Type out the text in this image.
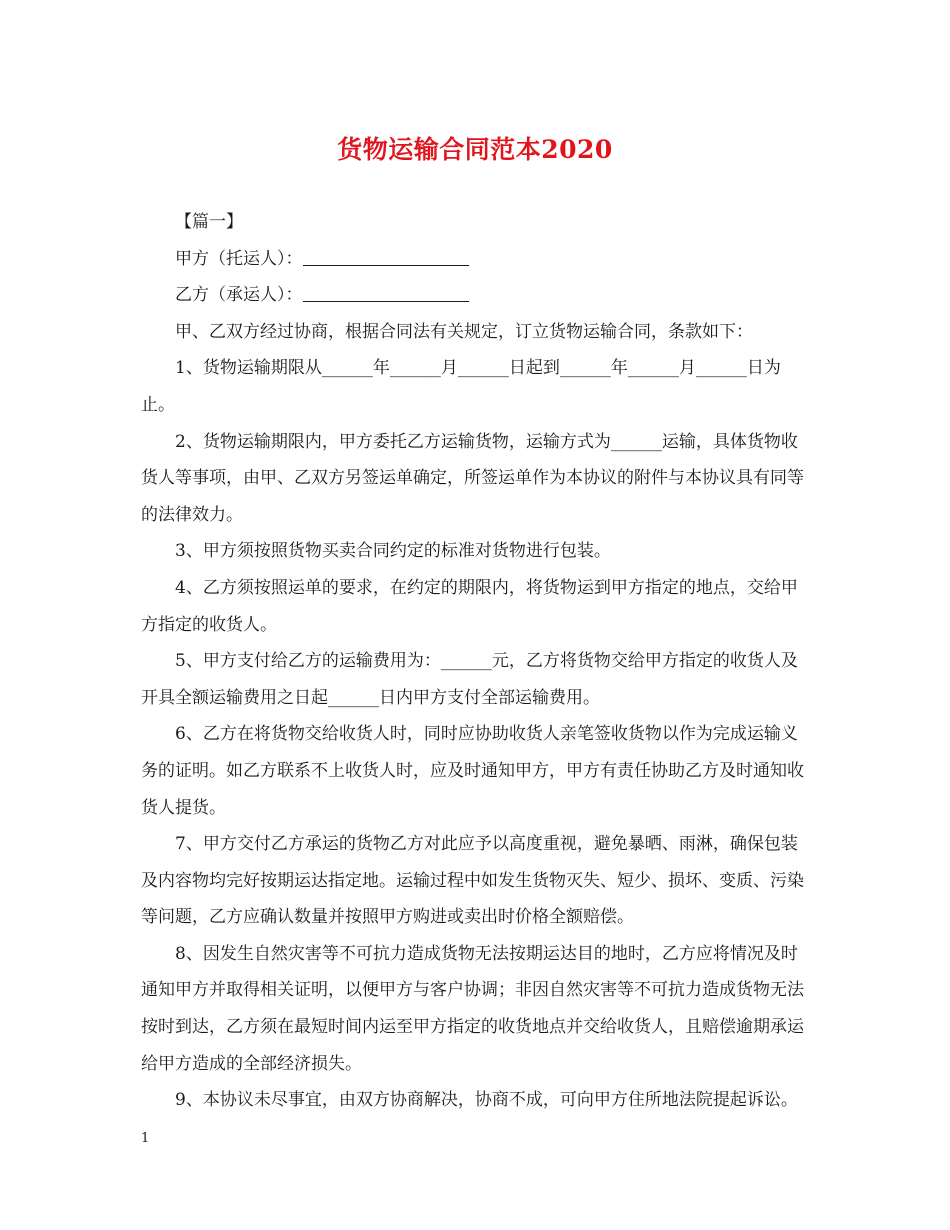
货物运输合同范本2020

【篇一】

甲方（托运人）：

乙方（承运人）：

甲、乙双方经过协商，根据合同法有关规定，订立货物运输合同，条款如下：

1、货物运输期限从______年______月______日起到______年______月______日为止。

2、货物运输期限内，甲方委托乙方运输货物，运输方式为______运输，具体货物收货人等事项，由甲、乙双方另签运单确定，所签运单作为本协议的附件与本协议具有同等的法律效力。

3、甲方须按照货物买卖合同约定的标准对货物进行包装。

4、乙方须按照运单的要求，在约定的期限内，将货物运到甲方指定的地点，交给甲方指定的收货人。

5、甲方支付给乙方的运输费用为：______元，乙方将货物交给甲方指定的收货人及开具全额运输费用之日起______日内甲方支付全部运输费用。

6、乙方在将货物交给收货人时，同时应协助收货人亲笔签收货物以作为完成运输义务的证明。如乙方联系不上收货人时，应及时通知甲方，甲方有责任协助乙方及时通知收货人提货。

7、甲方交付乙方承运的货物乙方对此应予以高度重视，避免暴晒、雨淋，确保包装及内容物均完好按期运达指定地。运输过程中如发生货物灭失、短少、损坏、变质、污染等问题，乙方应确认数量并按照甲方购进或卖出时价格全额赔偿。

8、因发生自然灾害等不可抗力造成货物无法按期运达目的地时，乙方应将情况及时通知甲方并取得相关证明，以便甲方与客户协调；非因自然灾害等不可抗力造成货物无法按时到达，乙方须在最短时间内运至甲方指定的收货地点并交给收货人，且赔偿逾期承运给甲方造成的全部经济损失。

9、本协议未尽事宜，由双方协商解决，协商不成，可向甲方住所地法院提起诉讼。

1
